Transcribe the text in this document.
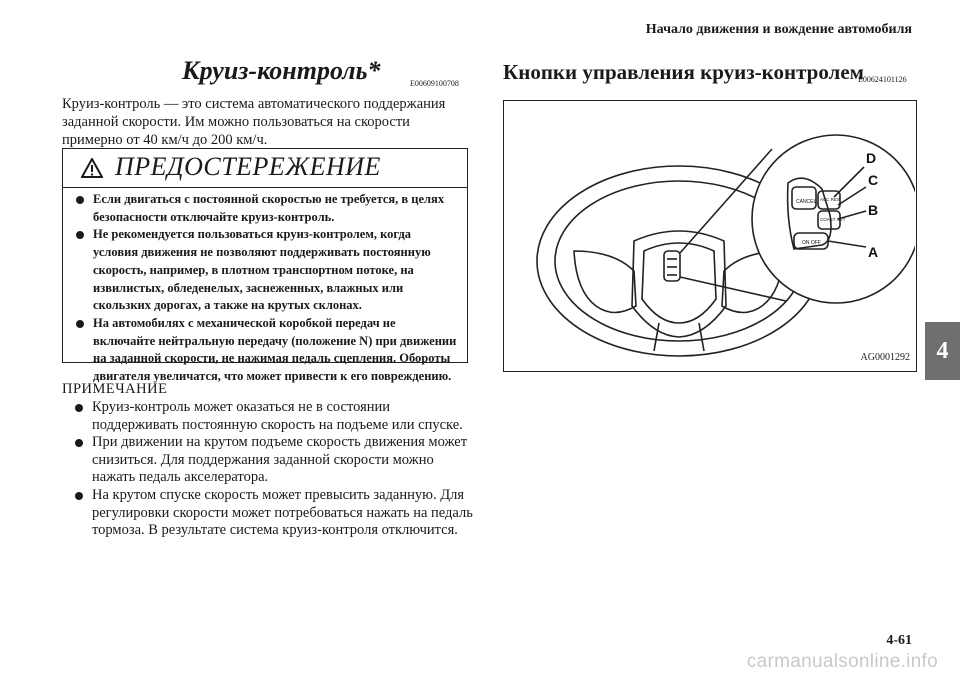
Начало движения и вождение автомобиля
Круиз-контроль*	E00609100708
Круиз-контроль — это система автоматического поддержания заданной скорости. Им можно пользоваться на скорости примерно от 40 км/ч до 200 км/ч.
ПРЕДОСТЕРЕЖЕНИЕ
Если двигаться с постоянной скоростью не требуется, в целях безопасности отключайте круиз-контроль.
Не рекомендуется пользоваться круиз-контролем, когда условия движения не позволяют поддерживать постоянную скорость, например, в плотном транспортном потоке, на извилистых, обледенелых, заснеженных, влажных или скользких дорогах, а также на крутых склонах.
На автомобилях с механической коробкой передач не включайте нейтральную передачу (положение N) при движении на заданной скорости, не нажимая педаль сцепления. Обороты двигателя увеличатся, что может привести к его повреждению.
ПРИМЕЧАНИЕ
Круиз-контроль может оказаться не в состоянии поддерживать постоянную скорость на подъеме или спуске.
При движении на крутом подъеме скорость движения может снизиться. Для поддержания заданной скорости можно нажать педаль акселератора.
На крутом спуске скорость может превысить заданную. Для регулировки скорости может потребоваться нажать на педаль тормоза. В результате система круиз-контроля отключится.
Кнопки управления круиз-контролем
E00624101126
CANCEL ACC RES
COAST SET
ON OFF
D
C
B
A
AG0001292	4
4-61
carmanualsonline.info
